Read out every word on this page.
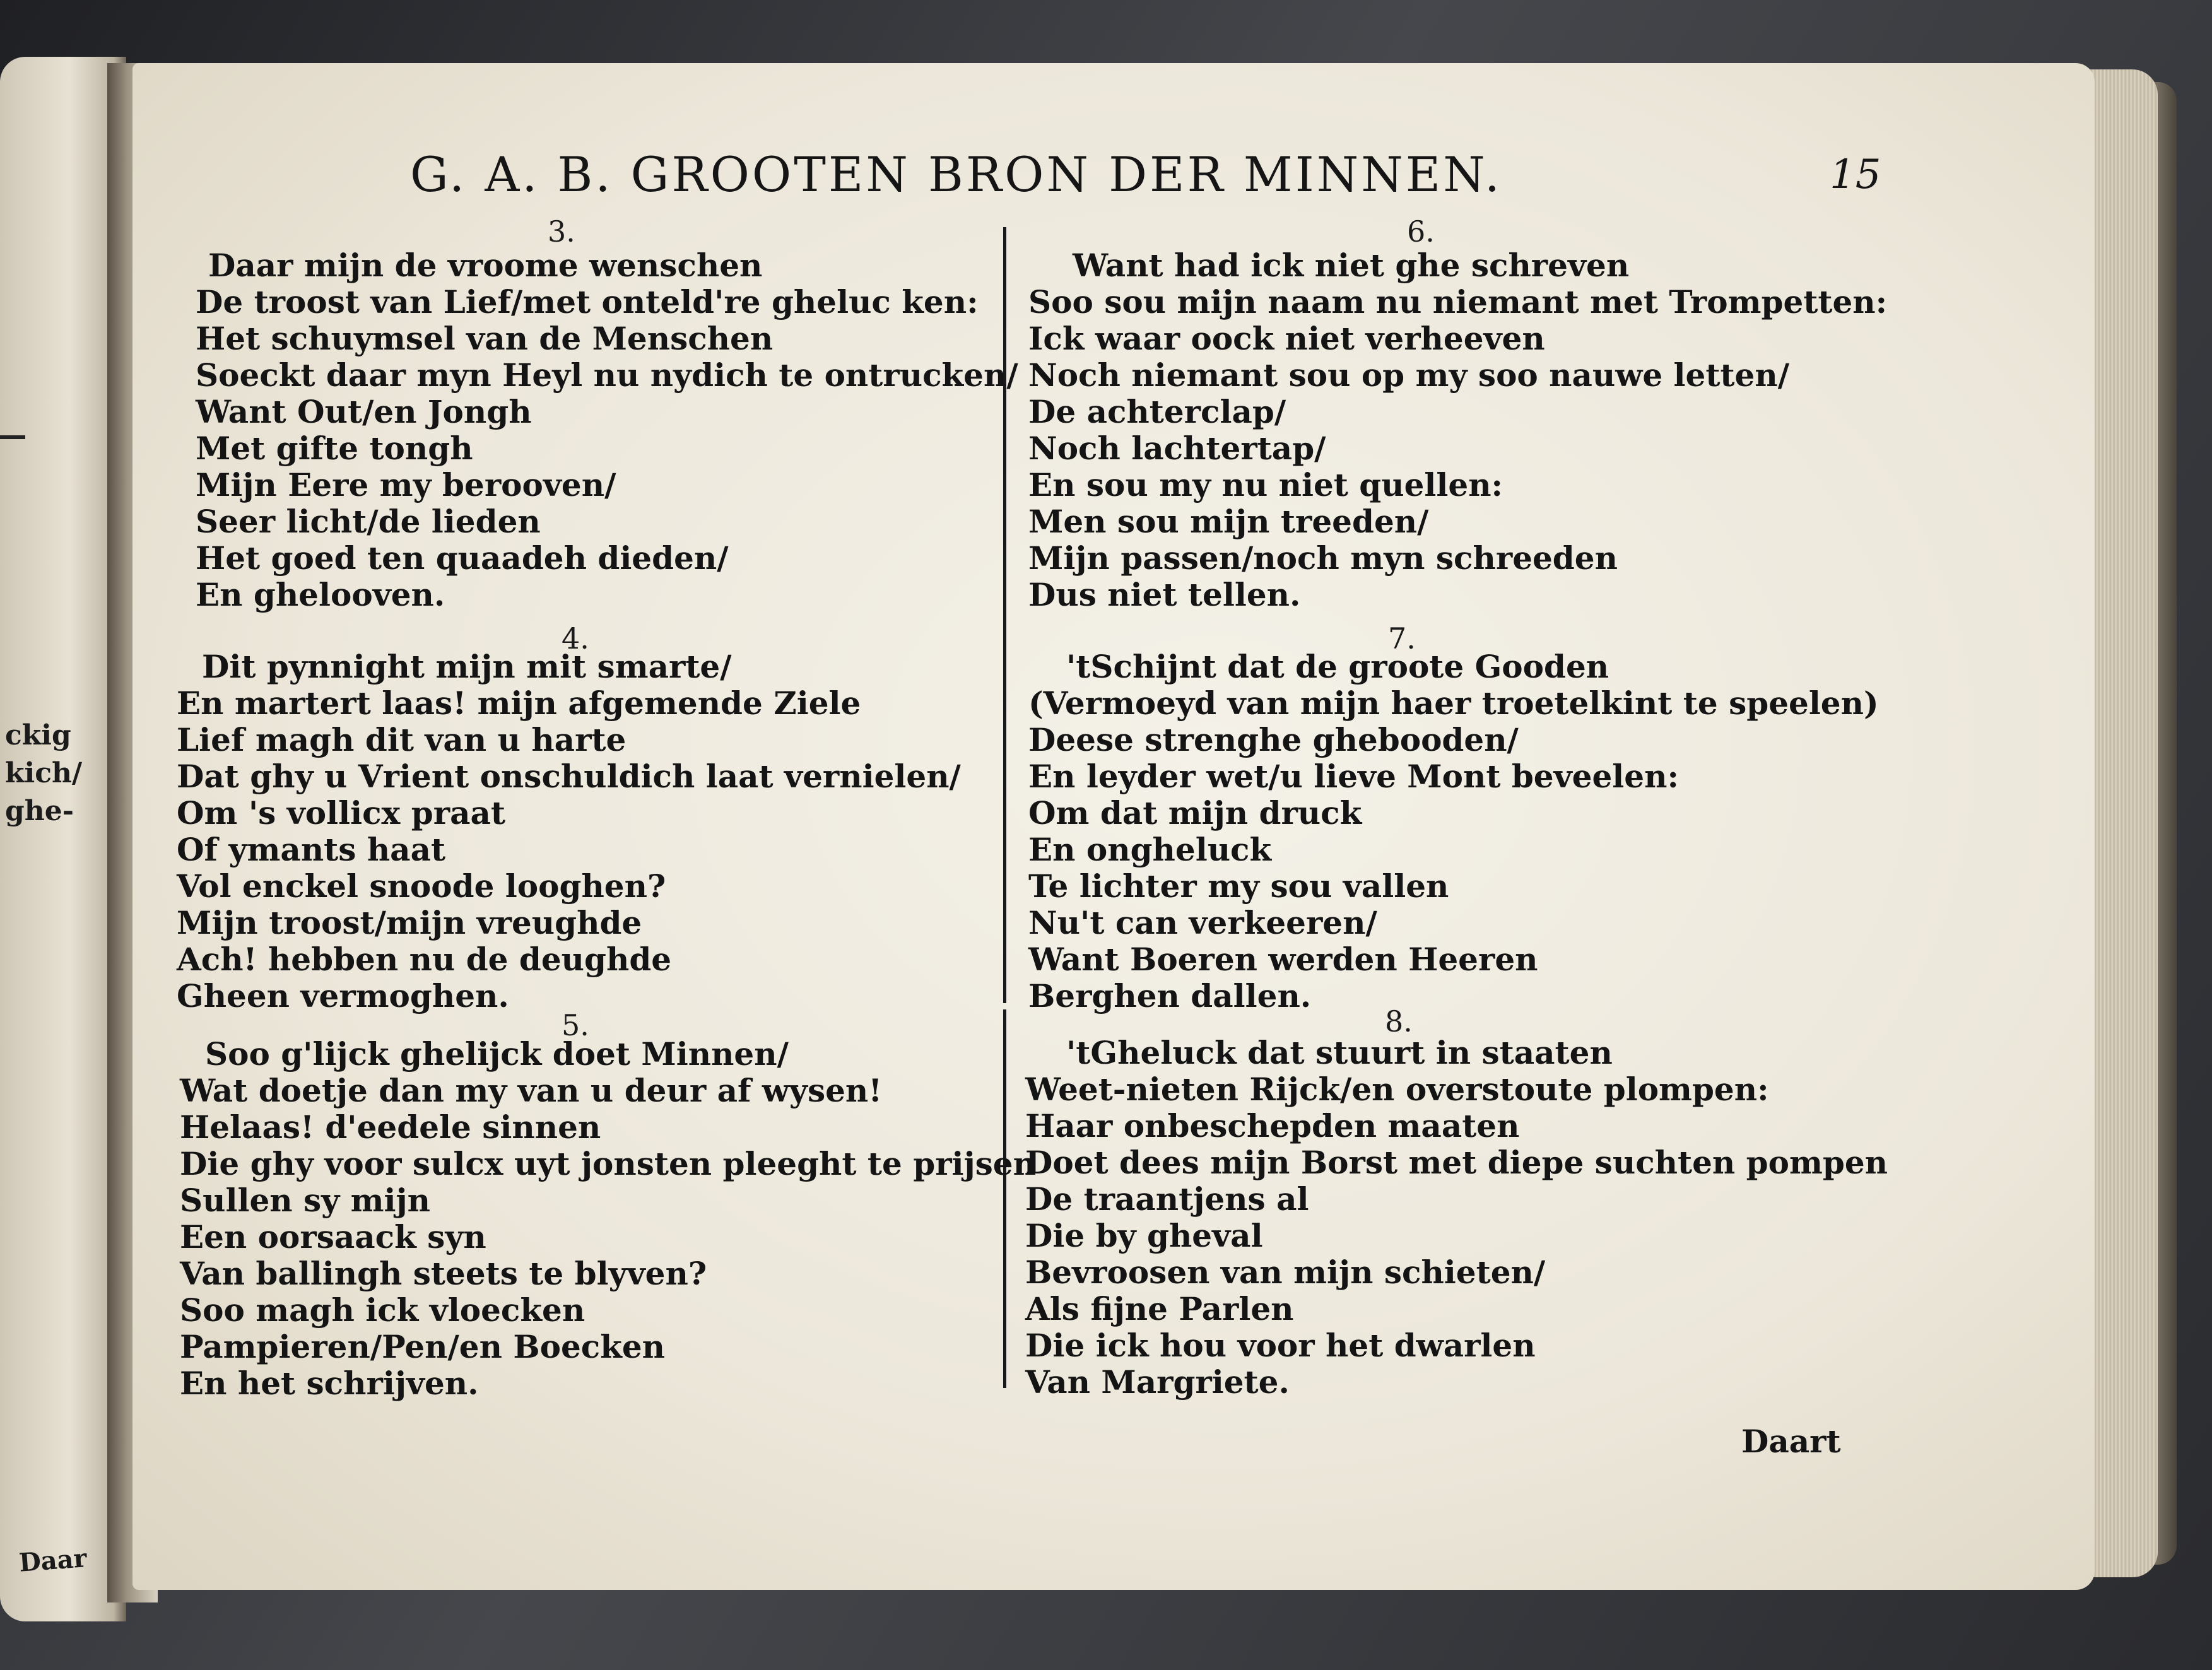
ckig
kich/
ghe-
Daar
G. A. B. GROOTEN BRON DER MINNEN.	15
3.
Daar mijn de vroome wenschen
De troost van Lief/met onteld're gheluc ken:
Het schuymsel van de Menschen
Soeckt daar myn Heyl nu nydich te ontrucken/
Want Out/en Jongh
Met gifte tongh
Mijn Eere my berooven/
Seer licht/de lieden
Het goed ten quaadeh dieden/
En ghelooven.
4.
Dit pynnight mijn mit smarte/
En martert laas! mijn afgemende Ziele
Lief magh dit van u harte
Dat ghy u Vrient onschuldich laat vernielen/
Om 's vollicx praat
Of ymants haat
Vol enckel snoode looghen?
Mijn troost/mijn vreughde
Ach! hebben nu de deughde
Gheen vermoghen.
5.
Soo g'lijck ghelijck doet Minnen/
Wat doetje dan my van u deur af wysen!
Helaas! d'eedele sinnen
Die ghy voor sulcx uyt jonsten pleeght te prijsen
Sullen sy mijn
Een oorsaack syn
Van ballingh steets te blyven?
Soo magh ick vloecken
Pampieren/Pen/en Boecken
En het schrijven.
6.
Want had ick niet ghe schreven
Soo sou mijn naam nu niemant met Trompetten:
Ick waar oock niet verheeven
Noch niemant sou op my soo nauwe letten/
De achterclap/
Noch lachtertap/
En sou my nu niet quellen:
Men sou mijn treeden/
Mijn passen/noch myn schreeden
Dus niet tellen.
7.
'tSchijnt dat de groote Gooden
(Vermoeyd van mijn haer troetelkint te speelen)
Deese strenghe ghebooden/
En leyder wet/u lieve Mont beveelen:
Om dat mijn druck
En ongheluck
Te lichter my sou vallen
Nu't can verkeeren/
Want Boeren werden Heeren
Berghen dallen.
8.
'tGheluck dat stuurt in staaten
Weet-nieten Rijck/en overstoute plompen:
Haar onbeschepden maaten
Doet dees mijn Borst met diepe suchten pompen
De traantjens al
Die by gheval
Bevroosen van mijn schieten/
Als fijne Parlen
Die ick hou voor het dwarlen
Van Margriete.
Daart
